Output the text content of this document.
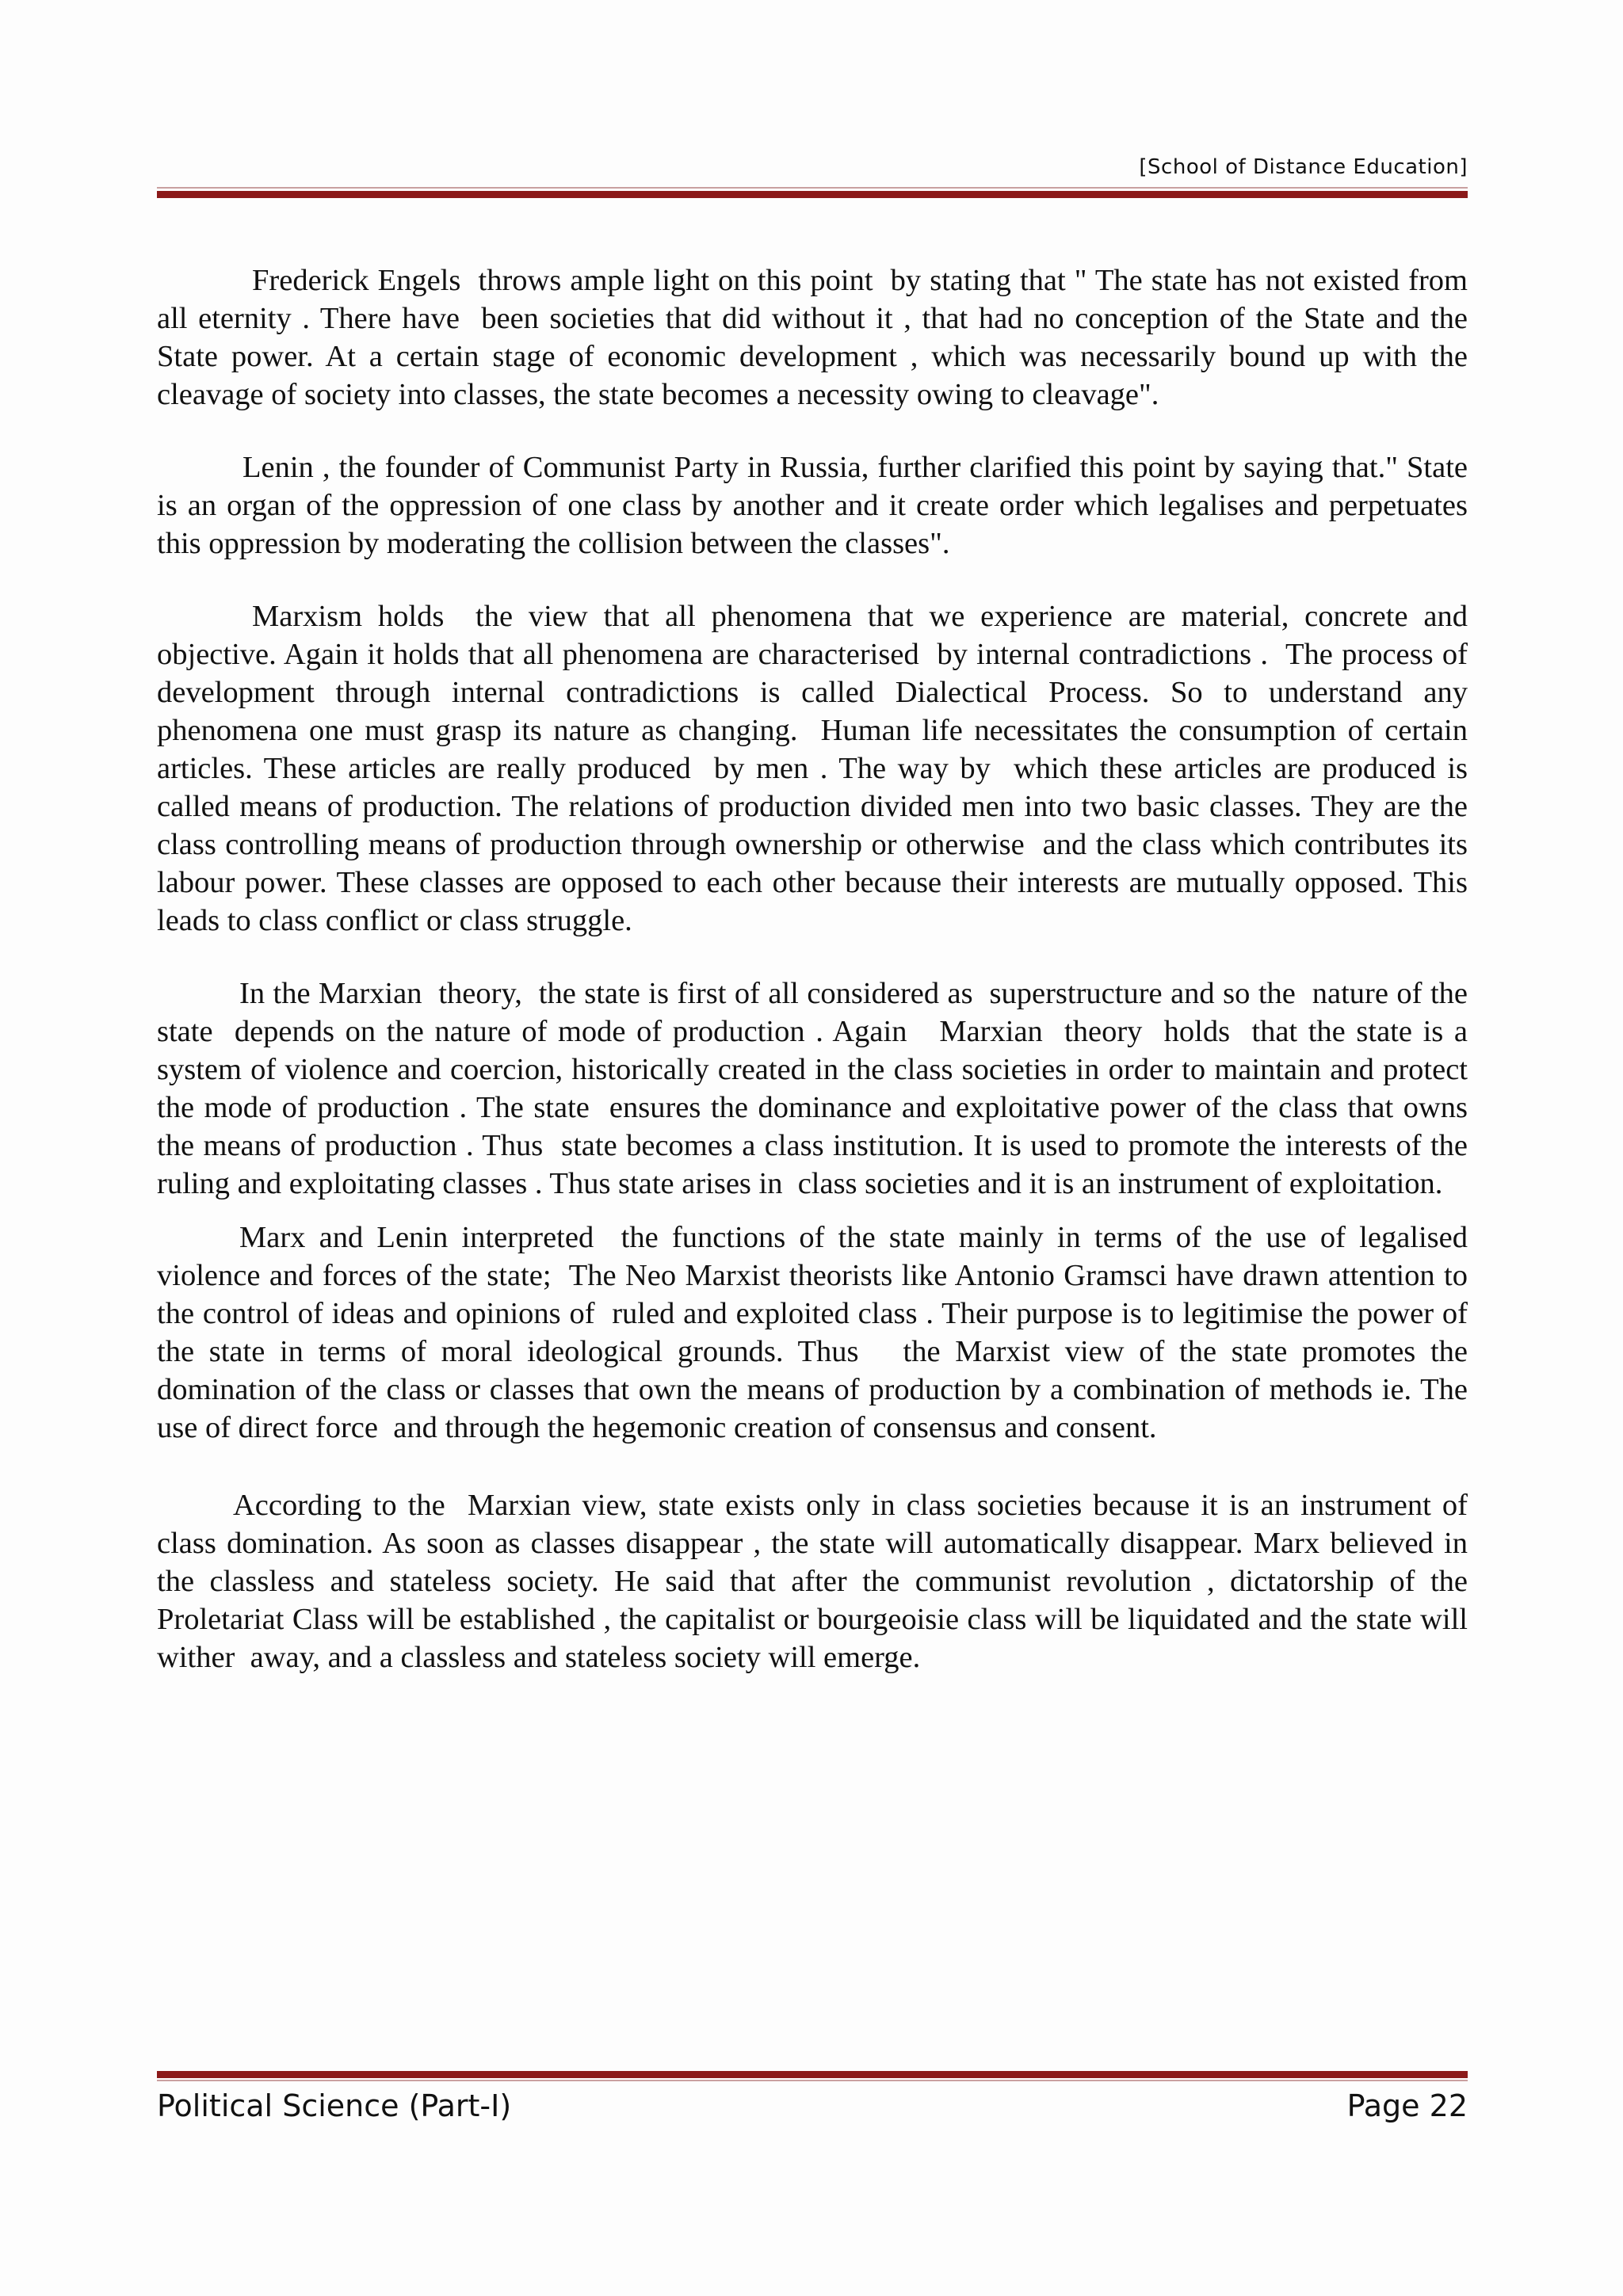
[School of Distance Education]

Frederick Engels  throws ample light on this point  by stating that " The state has not existed from all eternity . There have  been societies that did without it , that had no conception of the State and the State power. At a certain stage of economic development , which was necessarily bound up with the cleavage of society into classes, the state becomes a necessity owing to cleavage".

Lenin , the founder of Communist Party in Russia, further clarified this point by saying that." State is an organ of the oppression of one class by another and it create order which legalises and perpetuates this oppression by moderating the collision between the classes".

Marxism holds  the view that all phenomena that we experience are material, concrete and objective. Again it holds that all phenomena are characterised  by internal contradictions .  The process of development through internal contradictions is called Dialectical Process. So to understand any  phenomena one must grasp its nature as changing.  Human life necessitates the consumption of certain articles. These articles are really produced  by men . The way by  which these articles are produced is called means of production. The relations of production divided men into two basic classes. They are the class controlling means of production through ownership or otherwise  and the class which contributes its labour power. These classes are opposed to each other because their interests are mutually opposed. This leads to class conflict or class struggle.

In the Marxian  theory,  the state is first of all considered as  superstructure and so the  nature of the state  depends on the nature of mode of production . Again   Marxian  theory  holds  that the state is a system of violence and coercion, historically created in the class societies in order to maintain and protect the mode of production . The state  ensures the dominance and exploitative power of the class that owns  the means of production . Thus  state becomes a class institution. It is used to promote the interests of the ruling and exploitating classes . Thus state arises in  class societies and it is an instrument of exploitation.

Marx and Lenin interpreted  the functions of the state mainly in terms of the use of legalised violence and forces of the state;  The Neo Marxist theorists like Antonio Gramsci have drawn attention to the control of ideas and opinions of  ruled and exploited class . Their purpose is to legitimise the power of the state in terms of moral ideological grounds. Thus   the Marxist view of the state promotes the domination of the class or classes that own the means of production by a combination of methods ie. The use of direct force  and through the hegemonic creation of consensus and consent.

According to the  Marxian view, state exists only in class societies because it is an instrument of class domination. As soon as classes disappear , the state will automatically disappear. Marx believed in the classless and stateless society. He said that after the communist revolution , dictatorship of the Proletariat Class will be established , the capitalist or bourgeoisie class will be liquidated and the state will wither  away, and a classless and stateless society will emerge.

Political Science (Part-I)	Page 22
